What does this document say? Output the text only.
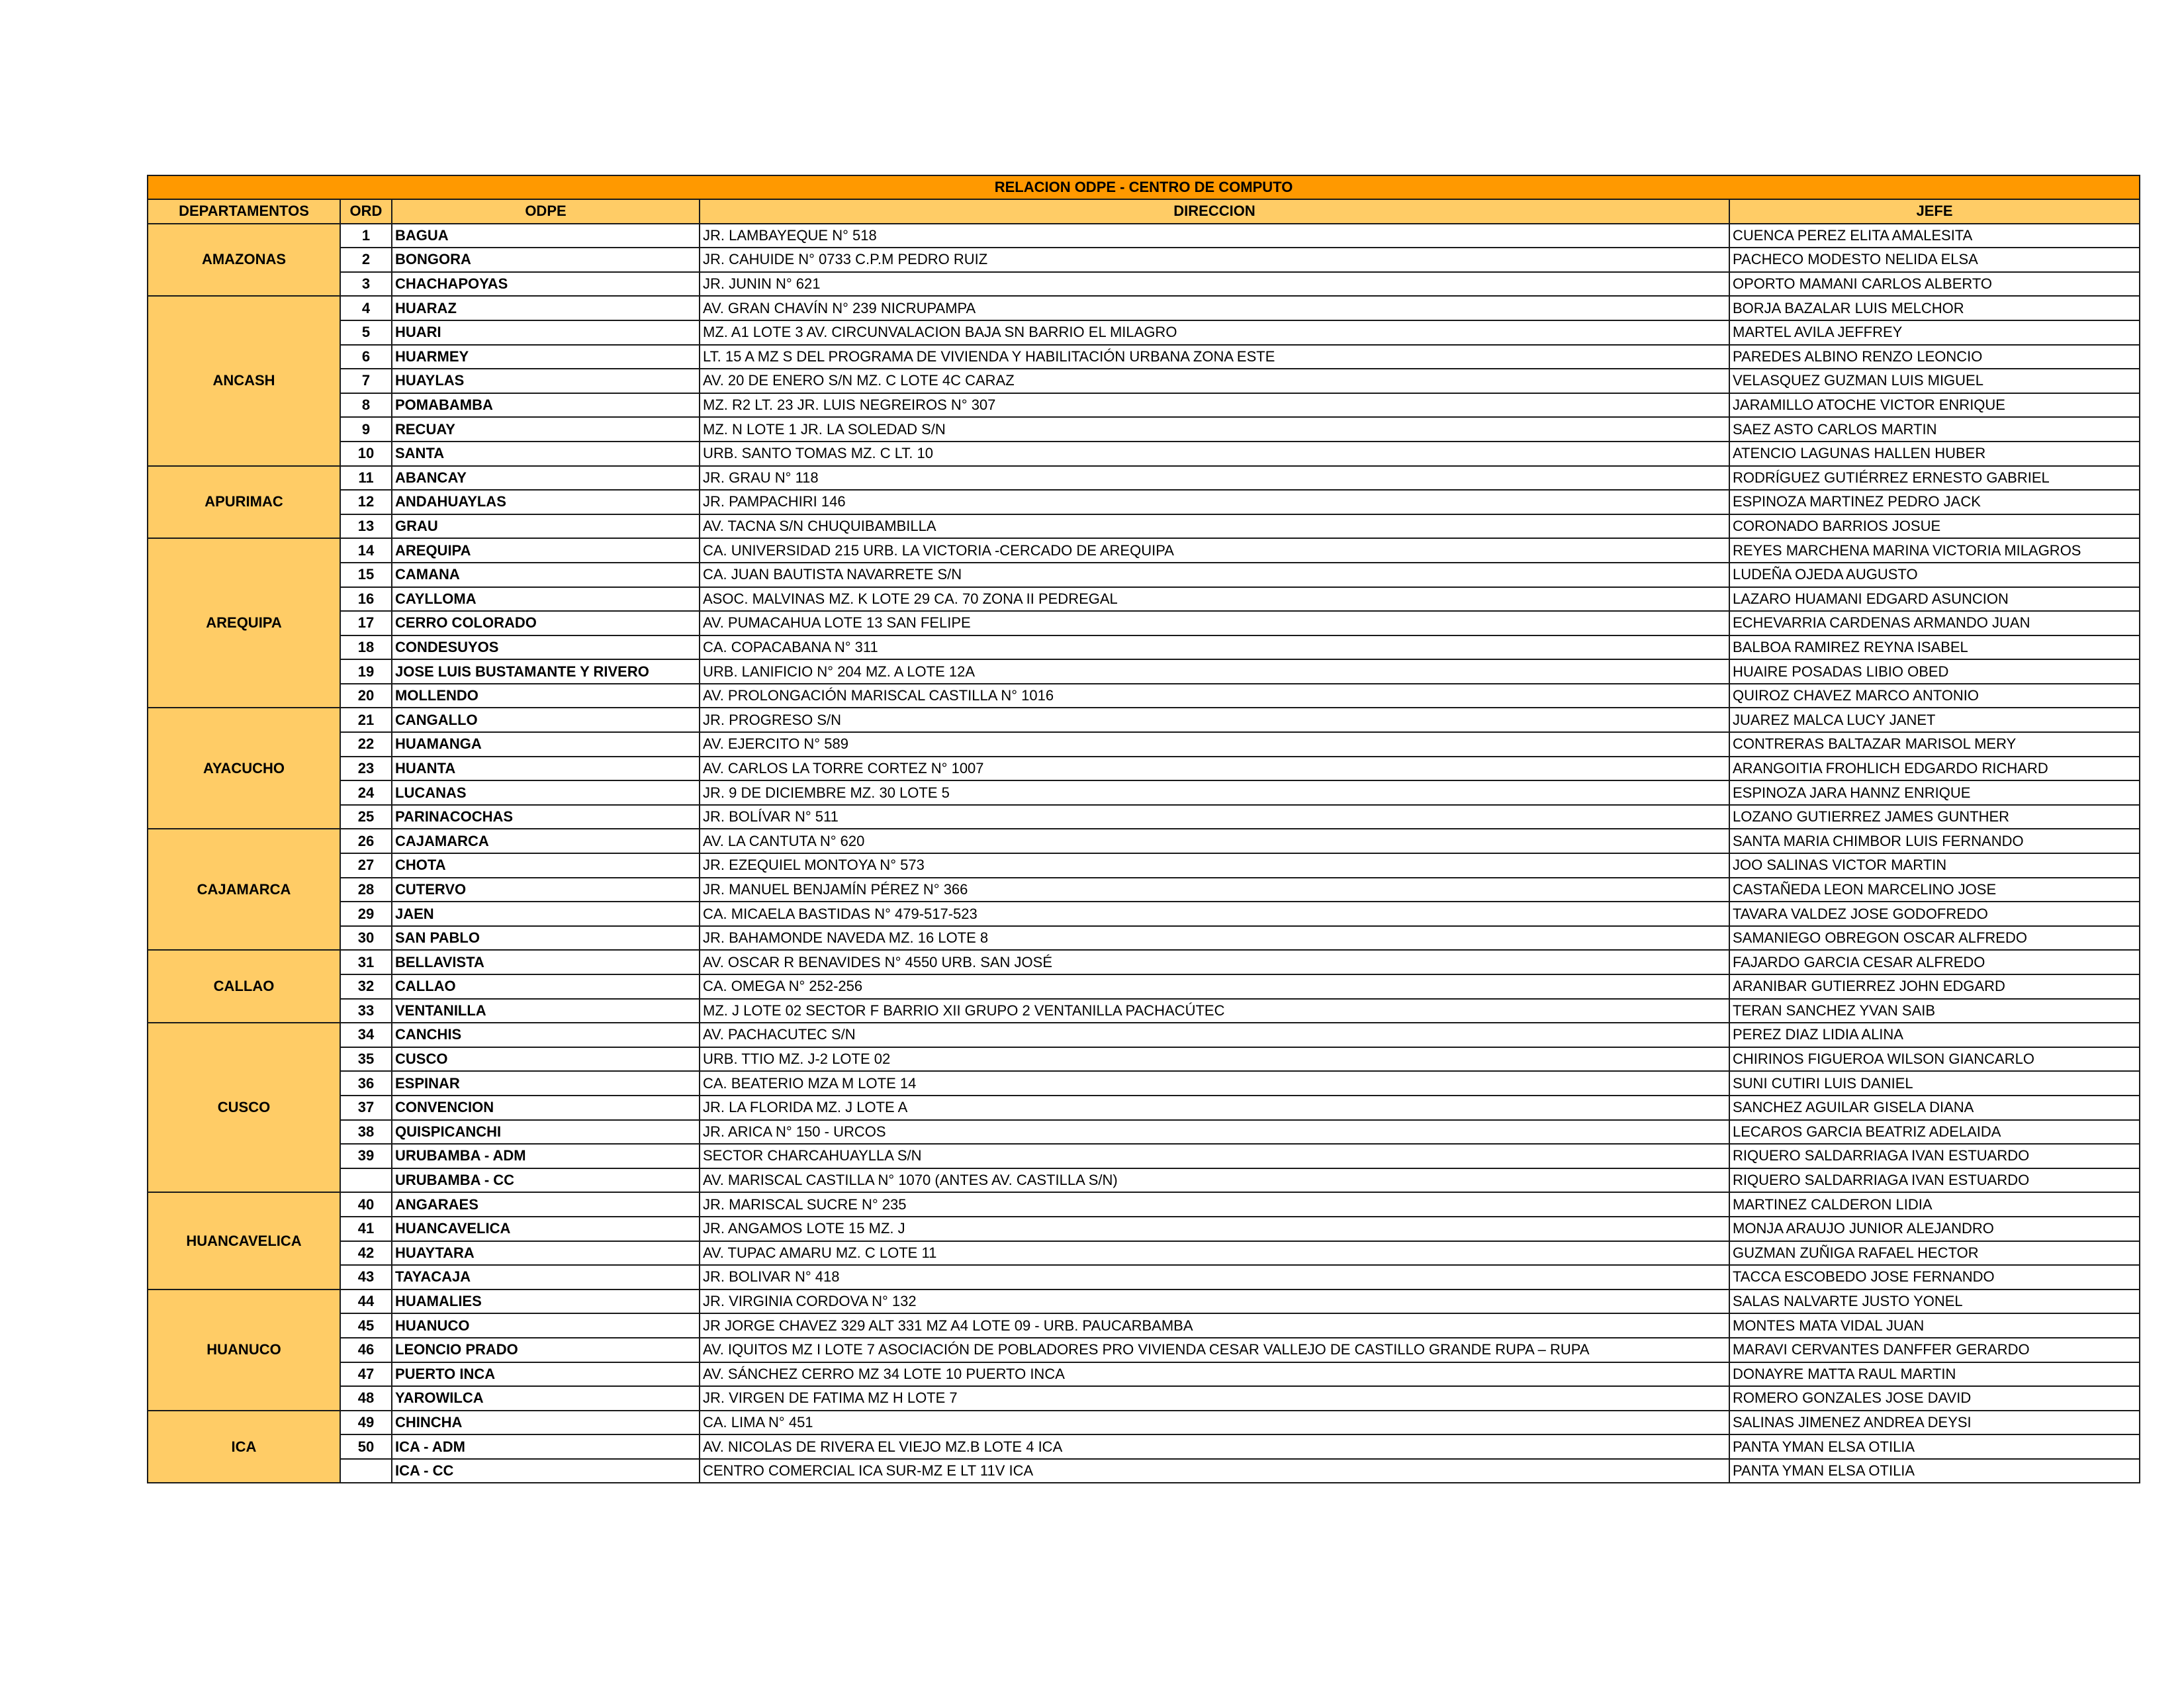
RELACION ODPE - CENTRO DE COMPUTO				
DEPARTAMENTOS	ORD	ODPE	DIRECCION	JEFE
AMAZONAS	1	BAGUA	JR. LAMBAYEQUE N° 518	CUENCA PEREZ ELITA AMALESITA
	2	BONGORA	JR. CAHUIDE N° 0733 C.P.M PEDRO RUIZ	PACHECO MODESTO NELIDA ELSA
	3	CHACHAPOYAS	JR. JUNIN N° 621	OPORTO MAMANI CARLOS ALBERTO
ANCASH	4	HUARAZ	AV. GRAN CHAVÍN N° 239 NICRUPAMPA	BORJA BAZALAR LUIS MELCHOR
	5	HUARI	MZ. A1 LOTE 3 AV. CIRCUNVALACION BAJA SN BARRIO EL MILAGRO	MARTEL AVILA JEFFREY
	6	HUARMEY	LT. 15 A MZ S DEL PROGRAMA DE VIVIENDA Y HABILITACIÓN URBANA ZONA ESTE	PAREDES ALBINO RENZO LEONCIO
	7	HUAYLAS	AV. 20 DE ENERO S/N MZ. C LOTE 4C CARAZ	VELASQUEZ GUZMAN LUIS MIGUEL
	8	POMABAMBA	MZ. R2 LT. 23 JR. LUIS NEGREIROS N° 307	JARAMILLO ATOCHE VICTOR ENRIQUE
	9	RECUAY	MZ. N LOTE 1 JR. LA SOLEDAD S/N	SAEZ ASTO CARLOS MARTIN
	10	SANTA	URB. SANTO TOMAS MZ. C LT. 10	ATENCIO LAGUNAS HALLEN HUBER
APURIMAC	11	ABANCAY	JR. GRAU N° 118	RODRÍGUEZ GUTIÉRREZ ERNESTO GABRIEL
	12	ANDAHUAYLAS	JR. PAMPACHIRI 146	ESPINOZA MARTINEZ PEDRO JACK
	13	GRAU	AV. TACNA S/N CHUQUIBAMBILLA	CORONADO BARRIOS JOSUE
AREQUIPA	14	AREQUIPA	CA. UNIVERSIDAD 215 URB. LA VICTORIA -CERCADO DE AREQUIPA	REYES MARCHENA MARINA VICTORIA MILAGROS
	15	CAMANA	CA. JUAN BAUTISTA NAVARRETE S/N	LUDEÑA OJEDA AUGUSTO
	16	CAYLLOMA	ASOC. MALVINAS MZ. K LOTE 29 CA. 70 ZONA II PEDREGAL	LAZARO HUAMANI EDGARD ASUNCION
	17	CERRO COLORADO	AV. PUMACAHUA LOTE 13 SAN FELIPE	ECHEVARRIA CARDENAS ARMANDO JUAN
	18	CONDESUYOS	CA. COPACABANA N° 311	BALBOA RAMIREZ REYNA ISABEL
	19	JOSE LUIS BUSTAMANTE Y RIVERO	URB. LANIFICIO N° 204 MZ. A LOTE 12A	HUAIRE POSADAS LIBIO OBED
	20	MOLLENDO	AV. PROLONGACIÓN MARISCAL CASTILLA N° 1016	QUIROZ CHAVEZ MARCO ANTONIO
AYACUCHO	21	CANGALLO	JR. PROGRESO S/N	JUAREZ MALCA LUCY JANET
	22	HUAMANGA	AV. EJERCITO N° 589	CONTRERAS BALTAZAR MARISOL MERY
	23	HUANTA	AV. CARLOS LA TORRE CORTEZ N° 1007	ARANGOITIA FROHLICH EDGARDO RICHARD
	24	LUCANAS	JR. 9 DE DICIEMBRE MZ. 30 LOTE 5	ESPINOZA JARA HANNZ ENRIQUE
	25	PARINACOCHAS	JR. BOLÍVAR N° 511	LOZANO GUTIERREZ JAMES GUNTHER
CAJAMARCA	26	CAJAMARCA	AV. LA CANTUTA N° 620	SANTA MARIA CHIMBOR LUIS FERNANDO
	27	CHOTA	JR. EZEQUIEL MONTOYA N° 573	JOO SALINAS VICTOR MARTIN
	28	CUTERVO	JR. MANUEL BENJAMÍN PÉREZ N° 366	CASTAÑEDA LEON MARCELINO JOSE
	29	JAEN	CA. MICAELA BASTIDAS N° 479-517-523	TAVARA VALDEZ JOSE GODOFREDO
	30	SAN PABLO	JR. BAHAMONDE NAVEDA MZ. 16 LOTE 8	SAMANIEGO OBREGON OSCAR ALFREDO
CALLAO	31	BELLAVISTA	AV. OSCAR R BENAVIDES N° 4550 URB. SAN JOSÉ	FAJARDO GARCIA CESAR ALFREDO
	32	CALLAO	CA. OMEGA N° 252-256	ARANIBAR GUTIERREZ JOHN EDGARD
	33	VENTANILLA	MZ. J LOTE 02 SECTOR F BARRIO XII GRUPO 2 VENTANILLA PACHACÚTEC	TERAN SANCHEZ YVAN SAIB
CUSCO	34	CANCHIS	AV. PACHACUTEC S/N	PEREZ DIAZ LIDIA ALINA
	35	CUSCO	URB. TTIO MZ. J-2 LOTE 02	CHIRINOS FIGUEROA WILSON GIANCARLO
	36	ESPINAR	CA. BEATERIO MZA M LOTE 14	SUNI CUTIRI LUIS DANIEL
	37	CONVENCION	JR. LA FLORIDA MZ. J LOTE A	SANCHEZ AGUILAR GISELA DIANA
	38	QUISPICANCHI	JR. ARICA N° 150 - URCOS	LECAROS GARCIA BEATRIZ ADELAIDA
	39	URUBAMBA - ADM	SECTOR CHARCAHUAYLLA S/N	RIQUERO SALDARRIAGA IVAN ESTUARDO
		URUBAMBA - CC	AV. MARISCAL CASTILLA N° 1070 (ANTES AV. CASTILLA S/N)	RIQUERO SALDARRIAGA IVAN ESTUARDO
HUANCAVELICA	40	ANGARAES	JR. MARISCAL SUCRE N° 235	MARTINEZ CALDERON LIDIA
	41	HUANCAVELICA	JR. ANGAMOS LOTE 15 MZ. J	MONJA ARAUJO JUNIOR ALEJANDRO
	42	HUAYTARA	AV. TUPAC AMARU MZ. C LOTE 11	GUZMAN ZUÑIGA RAFAEL HECTOR
	43	TAYACAJA	JR. BOLIVAR N° 418	TACCA ESCOBEDO JOSE FERNANDO
HUANUCO	44	HUAMALIES	JR. VIRGINIA CORDOVA N° 132	SALAS NALVARTE JUSTO YONEL
	45	HUANUCO	JR JORGE CHAVEZ 329 ALT 331 MZ A4 LOTE 09 - URB. PAUCARBAMBA	MONTES MATA VIDAL JUAN
	46	LEONCIO PRADO	AV. IQUITOS MZ I LOTE 7 ASOCIACIÓN DE POBLADORES PRO VIVIENDA CESAR VALLEJO DE CASTILLO GRANDE RUPA – RUPA	MARAVI CERVANTES DANFFER GERARDO
	47	PUERTO INCA	AV. SÁNCHEZ CERRO MZ 34 LOTE 10 PUERTO INCA	DONAYRE MATTA RAUL MARTIN
	48	YAROWILCA	JR. VIRGEN DE FATIMA MZ H LOTE 7	ROMERO GONZALES JOSE DAVID
ICA	49	CHINCHA	CA. LIMA N° 451	SALINAS JIMENEZ ANDREA DEYSI
	50	ICA - ADM	AV. NICOLAS DE RIVERA EL VIEJO MZ.B LOTE 4 ICA	PANTA YMAN ELSA OTILIA
		ICA - CC	CENTRO COMERCIAL ICA SUR-MZ E LT 11V ICA	PANTA YMAN ELSA OTILIA
